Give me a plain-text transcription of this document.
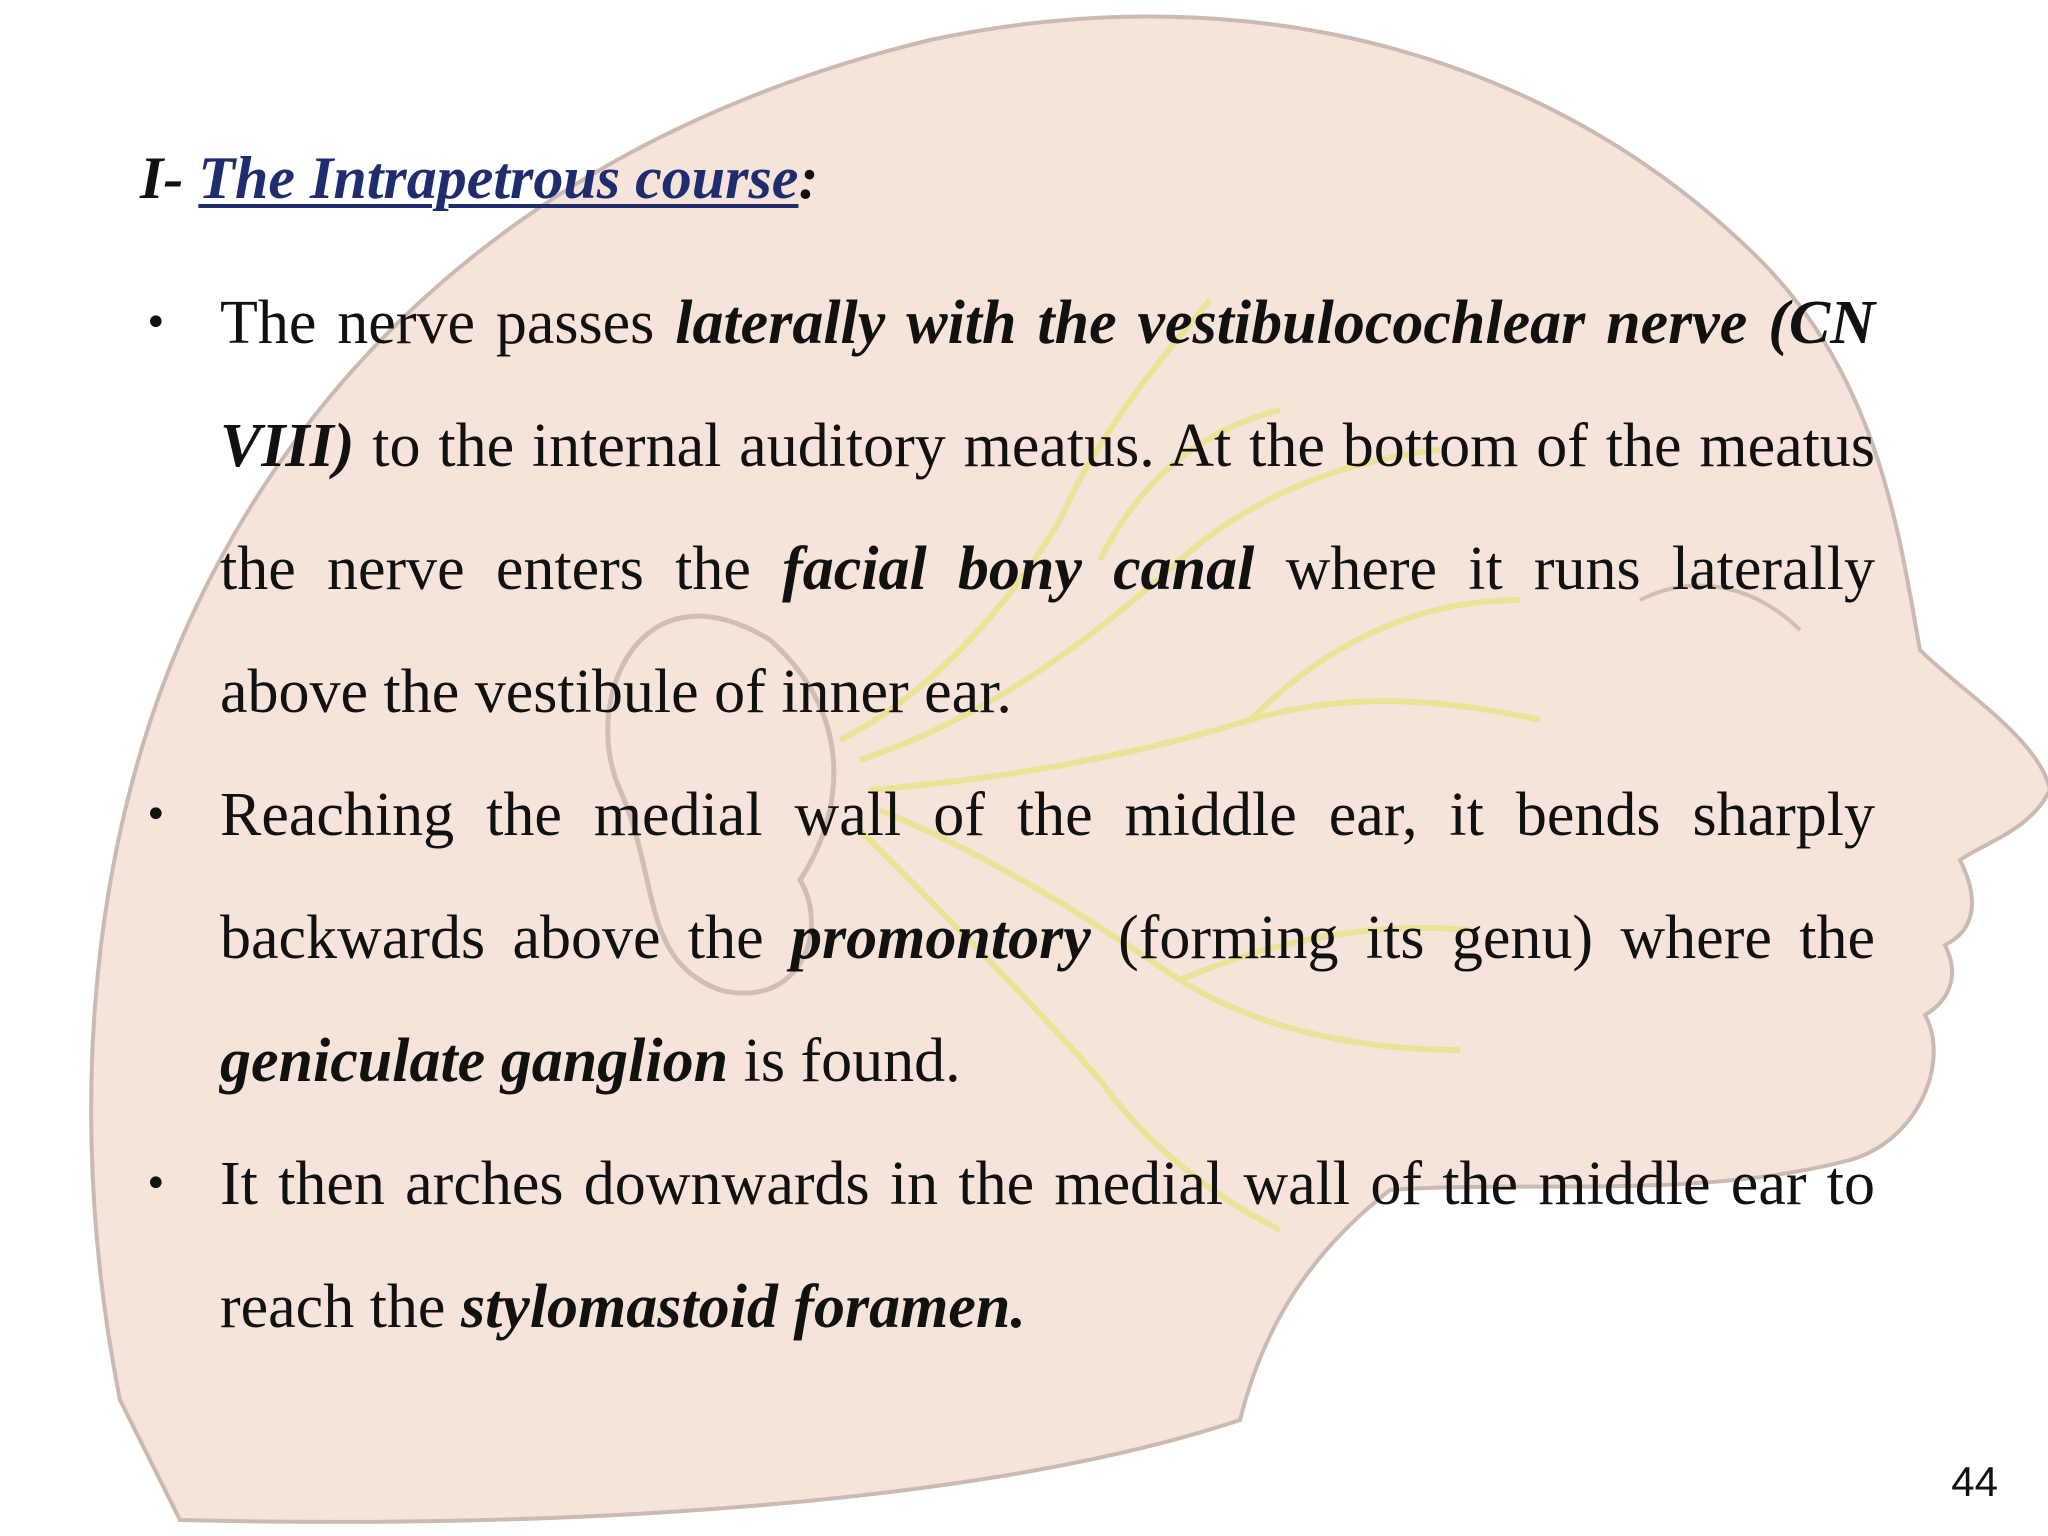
I- The Intrapetrous course:
• The nerve passes laterally with the vestibulocochlear nerve (CN VIII) to the internal auditory meatus. At the bottom of the meatus the nerve enters the facial bony canal where it runs laterally above the vestibule of inner ear.
• Reaching the medial wall of the middle ear, it bends sharply backwards above the promontory (forming its genu) where the geniculate ganglion is found.
• It then arches downwards in the medial wall of the middle ear to reach the stylomastoid foramen.
44
